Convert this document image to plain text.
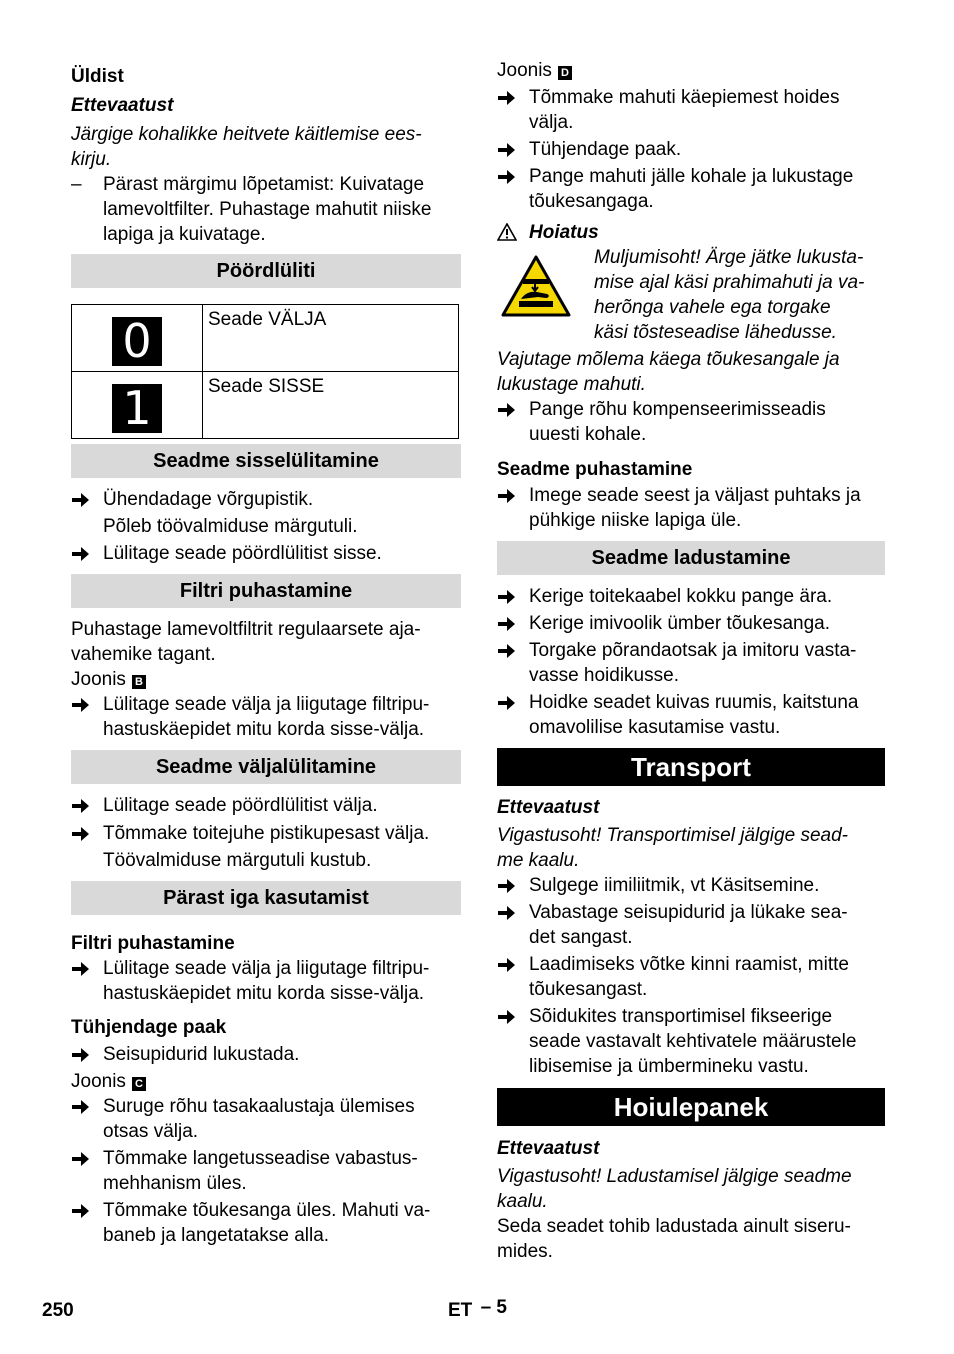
Üldist

Ettevaatust

Järgige kohalikke heitvete käitlemise ees-
kirju.
– Pärast märgimu lõpetamist: Kuivatage
lamevoltfilter. Puhastage mahutit niiske
lapiga ja kuivatage.
Pöördlüliti
0	Seade VÄLJA

1	Seade SISSE
Seadme sisselülitamine
Ühendadage võrgupistik.
Põleb töövalmiduse märgutuli.
Lülitage seade pöördlülitist sisse.
Filtri puhastamine
Puhastage lamevoltfiltrit regulaarsete aja-
vahemike tagant.
Joonis B
Lülitage seade välja ja liigutage filtripu-
hastuskäepidet mitu korda sisse-välja.
Seadme väljalülitamine
Lülitage seade pöördlülitist välja.
Tõmmake toitejuhe pistikupesast välja.
Töövalmiduse märgutuli kustub.
Pärast iga kasutamist

Filtri puhastamine

Lülitage seade välja ja liigutage filtripu-
hastuskäepidet mitu korda sisse-välja.

Tühjendage paak

Seisupidurid lukustada.
Joonis C
Suruge rõhu tasakaalustaja ülemises
otsas välja.
Tõmmake langetusseadise vabastus-
mehhanism üles.
Tõmmake tõukesanga üles. Mahuti va-
baneb ja langetatakse alla.
Joonis D
Tõmmake mahuti käepiemest hoides
välja.
Tühjendage paak.
Pange mahuti jälle kohale ja lukustage
tõukesangaga.
Hoiatus
Muljumisoht! Ärge jätke lukusta-
mise ajal käsi prahimahuti ja va-
herõnga vahele ega torgake
käsi tõsteseadise lähedusse.
Vajutage mõlema käega tõukesangale ja
lukustage mahuti.
Pange rõhu kompenseerimisseadis
uuesti kohale.

Seadme puhastamine

Imege seade seest ja väljast puhtaks ja
pühkige niiske lapiga üle.
Seadme ladustamine
Kerige toitekaabel kokku pange ära.
Kerige imivoolik ümber tõukesanga.
Torgake põrandaotsak ja imitoru vasta-
vasse hoidikusse.
Hoidke seadet kuivas ruumis, kaitstuna
omavolilise kasutamise vastu.
Transport

Ettevaatust

Vigastusoht! Transportimisel jälgige sead-
me kaalu.
Sulgege iimiliitmik, vt Käsitsemine.
Vabastage seisupidurid ja lükake sea-
det sangast.
Laadimiseks võtke kinni raamist, mitte
tõukesangast.
Sõidukites transportimisel fikseerige
seade vastavalt kehtivatele määrustele
libisemise ja ümbermineku vastu.
Hoiulepanek

Ettevaatust

Vigastusoht! Ladustamisel jälgige seadme
kaalu.
Seda seadet tohib ladustada ainult siseru-
mides.
250	ET – 5
